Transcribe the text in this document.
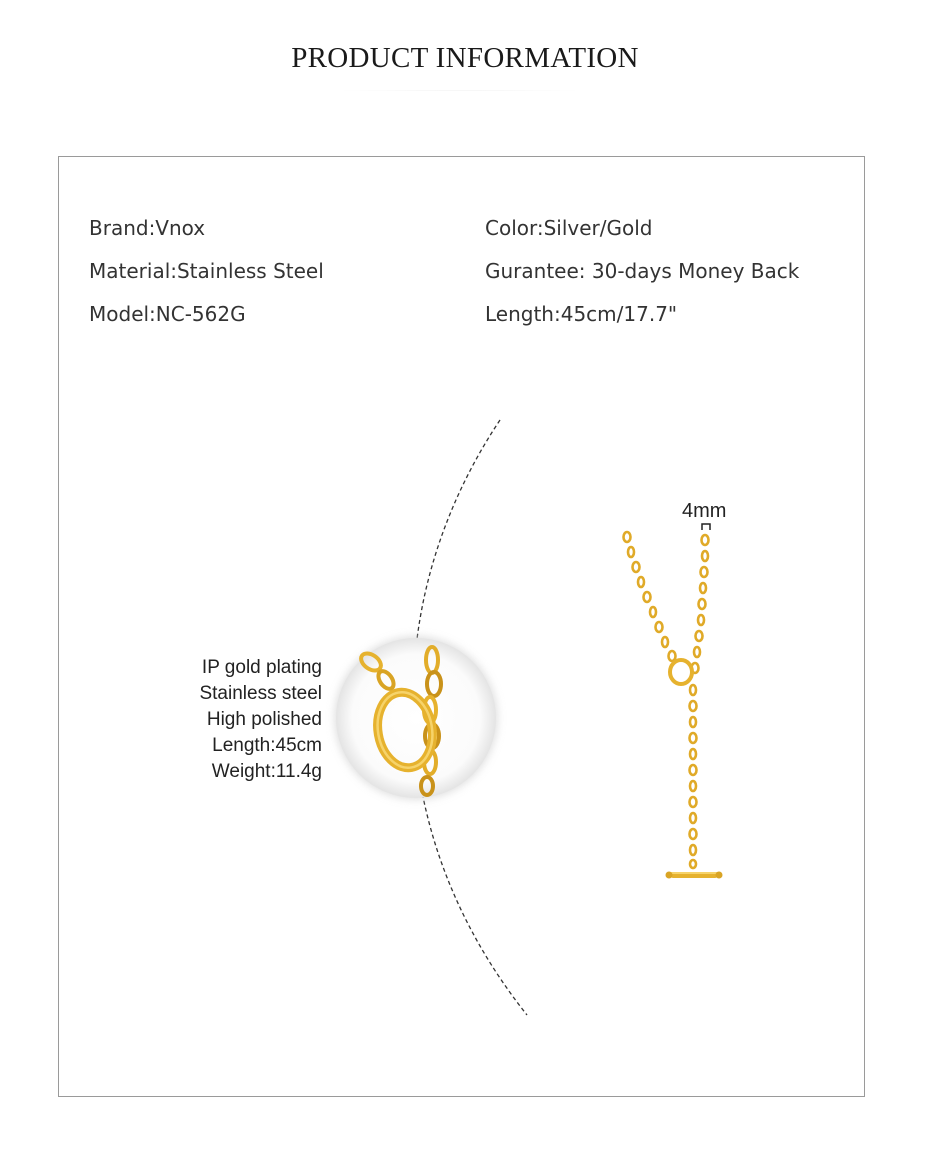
PRODUCT INFORMATION
Brand:Vnox
Material:Stainless Steel
Model:NC-562G
Color:Silver/Gold
Gurantee: 30-days Money Back
Length:45cm/17.7"
4mm
IP gold plating
Stainless steel
High polished
Length:45cm
Weight:11.4g
